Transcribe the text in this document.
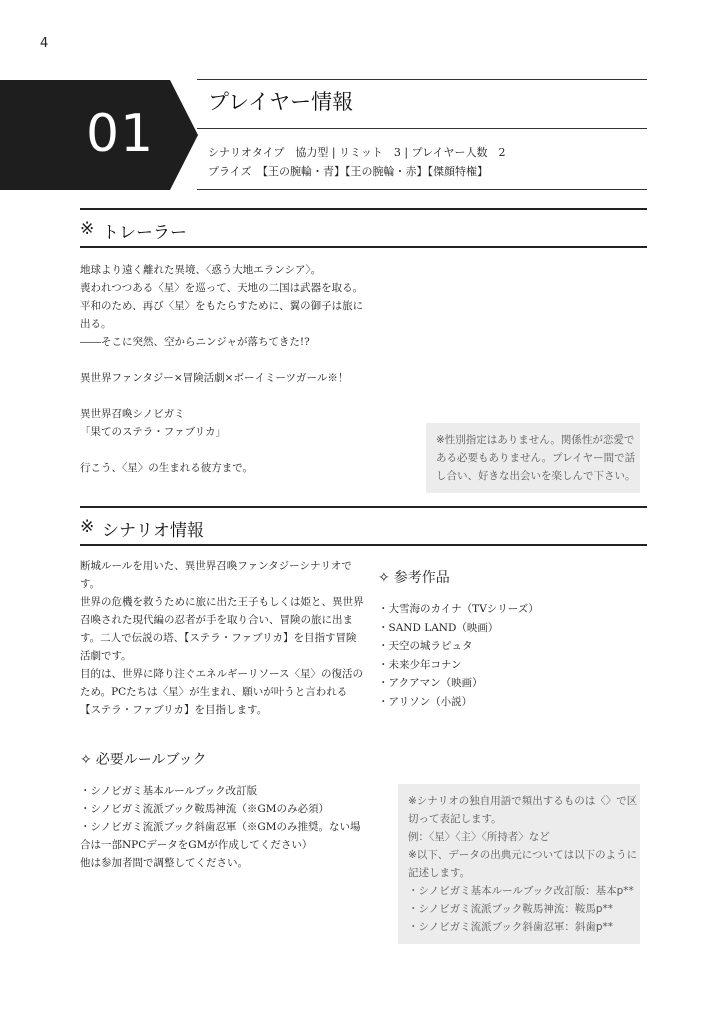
4
01
プレイヤー情報
シナリオタイプ　協力型 | リミット　3 | プレイヤー人数　2
プライズ　【王の腕輪・青】【王の腕輪・赤】【傑顔特権】
※ トレーラー
地球より遠く離れた異境、〈惑う大地エランシア〉。
喪われつつある〈星〉を巡って、天地の二国は武器を取る。
平和のため、再び〈星〉をもたらすために、翼の御子は旅に
出る。
――そこに突然、空からニンジャが落ちてきた!?
異世界ファンタジー×冒険活劇×ボーイミーツガール※！
異世界召喚シノビガミ
「果てのステラ・ファブリカ」
行こう、〈星〉の生まれる彼方まで。
※性別指定はありません。関係性が恋愛で
ある必要もありません。プレイヤー間で話
し合い、好きな出会いを楽しんで下さい。
※ シナリオ情報
断城ルールを用いた、異世界召喚ファンタジーシナリオで
す。
世界の危機を救うために旅に出た王子もしくは姫と、異世界
召喚された現代編の忍者が手を取り合い、冒険の旅に出ま
す。二人で伝説の塔、【ステラ・ファブリカ】を目指す冒険
活劇です。
目的は、世界に降り注ぐエネルギーリソース〈星〉の復活の
ため。PCたちは〈星〉が生まれ、願いが叶うと言われる
【ステラ・ファブリカ】を目指します。
✧ 参考作品
・大雪海のカイナ（TVシリーズ）
・SAND LAND（映画）
・天空の城ラピュタ
・未来少年コナン
・アクアマン（映画）
・アリソン（小説）
✧ 必要ルールブック
・シノビガミ基本ルールブック改訂版
・シノビガミ流派ブック鞍馬神流（※GMのみ必須）
・シノビガミ流派ブック斜歯忍軍（※GMのみ推奨。ない場
合は一部NPCデータをGMが作成してください）
他は参加者間で調整してください。
※シナリオの独自用語で頻出するものは〈〉で区
切って表記します。
例：〈星〉〈主〉〈所持者〉など
※以下、データの出典元については以下のように
記述します。
・シノビガミ基本ルールブック改訂版：基本p**
・シノビガミ流派ブック鞍馬神流：鞍馬p**
・シノビガミ流派ブック斜歯忍軍：斜歯p**
